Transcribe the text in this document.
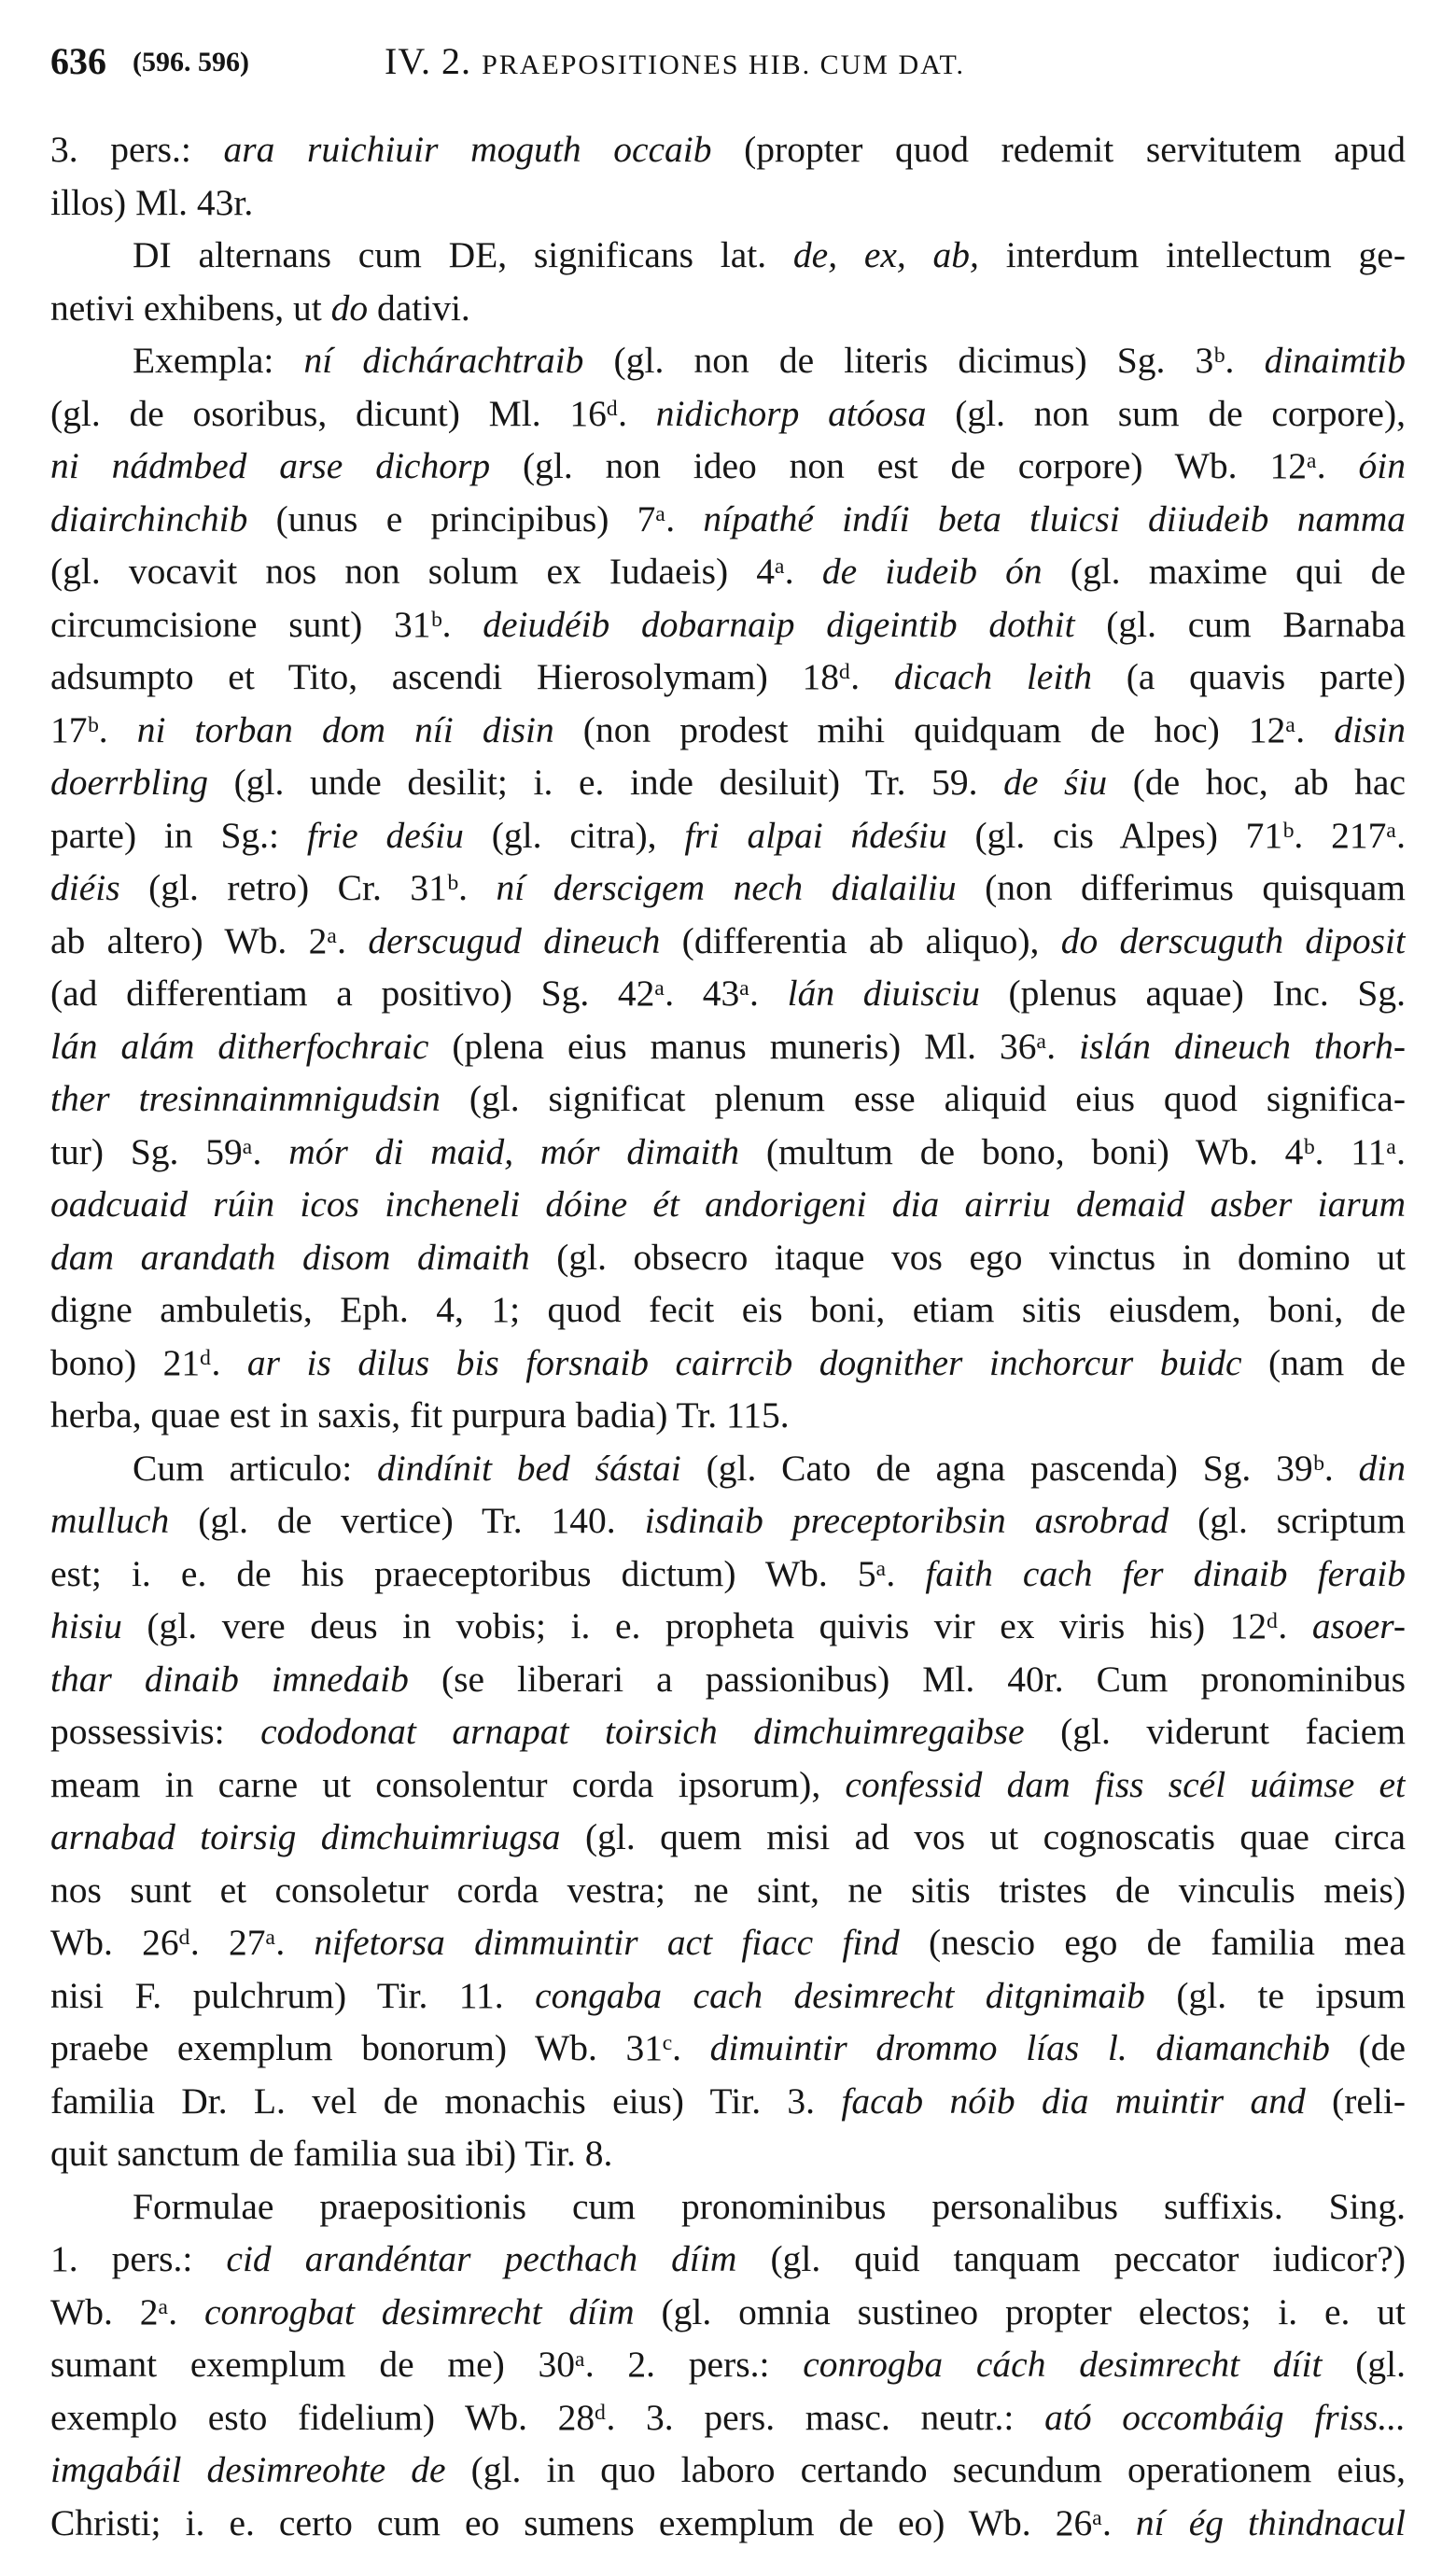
636 (596. 596)	IV. 2. PRAEPOSITIONES HIB. CUM DAT.
3. pers.: ara ruichiuir moguth occaib (propter quod redemit servitutem apud
illos) Ml. 43r.
DI alternans cum DE, significans lat. de, ex, ab, interdum intellectum ge-
netivi exhibens, ut do dativi.
Exempla: ní dichárachtraib (gl. non de literis dicimus) Sg. 3ᵇ. dinaimtib
(gl. de osoribus, dicunt) Ml. 16ᵈ. nidichorp atóosa (gl. non sum de corpore),
ni nádmbed arse dichorp (gl. non ideo non est de corpore) Wb. 12ᵃ. óin
diairchinchib (unus e principibus) 7ᵃ. nípathé indíi beta tluicsi diiudeib namma
(gl. vocavit nos non solum ex Iudaeis) 4ᵃ. de iudeib ón (gl. maxime qui de
circumcisione sunt) 31ᵇ. deiudéib dobarnaip digeintib dothit (gl. cum Barnaba
adsumpto et Tito, ascendi Hierosolymam) 18ᵈ. dicach leith (a quavis parte)
17ᵇ. ni torban dom níi disin (non prodest mihi quidquam de hoc) 12ᵃ. disin
doerrbling (gl. unde desilit; i. e. inde desiluit) Tr. 59. de śiu (de hoc, ab hac
parte) in Sg.: frie deśiu (gl. citra), fri alpai ńdeśiu (gl. cis Alpes) 71ᵇ. 217ᵃ.
diéis (gl. retro) Cr. 31ᵇ. ní derscigem nech dialailiu (non differimus quisquam
ab altero) Wb. 2ᵃ. derscugud dineuch (differentia ab aliquo), do derscuguth diposit
(ad differentiam a positivo) Sg. 42ᵃ. 43ᵃ. lán diuisciu (plenus aquae) Inc. Sg.
lán alám ditherfochraic (plena eius manus muneris) Ml. 36ᵃ. islán dineuch thorh-
ther tresinnainmnigudsin (gl. significat plenum esse aliquid eius quod significa-
tur) Sg. 59ᵃ. mór di maid, mór dimaith (multum de bono, boni) Wb. 4ᵇ. 11ᵃ.
oadcuaid rúin icos incheneli dóine ét andorigeni dia airriu demaid asber iarum
dam arandath disom dimaith (gl. obsecro itaque vos ego vinctus in domino ut
digne ambuletis, Eph. 4, 1; quod fecit eis boni, etiam sitis eiusdem, boni, de
bono) 21ᵈ. ar is dilus bis forsnaib cairrcib dognither inchorcur buidc (nam de
herba, quae est in saxis, fit purpura badia) Tr. 115.
Cum articulo: dindínit bed śástai (gl. Cato de agna pascenda) Sg. 39ᵇ. din
mulluch (gl. de vertice) Tr. 140. isdinaib preceptoribsin asrobrad (gl. scriptum
est; i. e. de his praeceptoribus dictum) Wb. 5ᵃ. faith cach fer dinaib feraib
hisiu (gl. vere deus in vobis; i. e. propheta quivis vir ex viris his) 12ᵈ. asoer-
thar dinaib imnedaib (se liberari a passionibus) Ml. 40r. Cum pronominibus
possessivis: cododonat arnapat toirsich dimchuimregaibse (gl. viderunt faciem
meam in carne ut consolentur corda ipsorum), confessid dam fiss scél uáimse et
arnabad toirsig dimchuimriugsa (gl. quem misi ad vos ut cognoscatis quae circa
nos sunt et consoletur corda vestra; ne sint, ne sitis tristes de vinculis meis)
Wb. 26ᵈ. 27ᵃ. nifetorsa dimmuintir act fiacc find (nescio ego de familia mea
nisi F. pulchrum) Tir. 11. congaba cach desimrecht ditgnimaib (gl. te ipsum
praebe exemplum bonorum) Wb. 31ᶜ. dimuintir drommo lías l. diamanchib (de
familia Dr. L. vel de monachis eius) Tir. 3. facab nóib dia muintir and (reli-
quit sanctum de familia sua ibi) Tir. 8.
Formulae praepositionis cum pronominibus personalibus suffixis. Sing.
1. pers.: cid arandéntar pecthach díim (gl. quid tanquam peccator iudicor?)
Wb. 2ᵃ. conrogbat desimrecht díim (gl. omnia sustineo propter electos; i. e. ut
sumant exemplum de me) 30ᵃ. 2. pers.: conrogba cách desimrecht díit (gl.
exemplo esto fidelium) Wb. 28ᵈ. 3. pers. masc. neutr.: ató occombáig friss...
imgabáil desimreohte de (gl. in quo laboro certando secundum operationem eius,
Christi; i. e. certo cum eo sumens exemplum de eo) Wb. 26ᵃ. ní ég thindnacul
